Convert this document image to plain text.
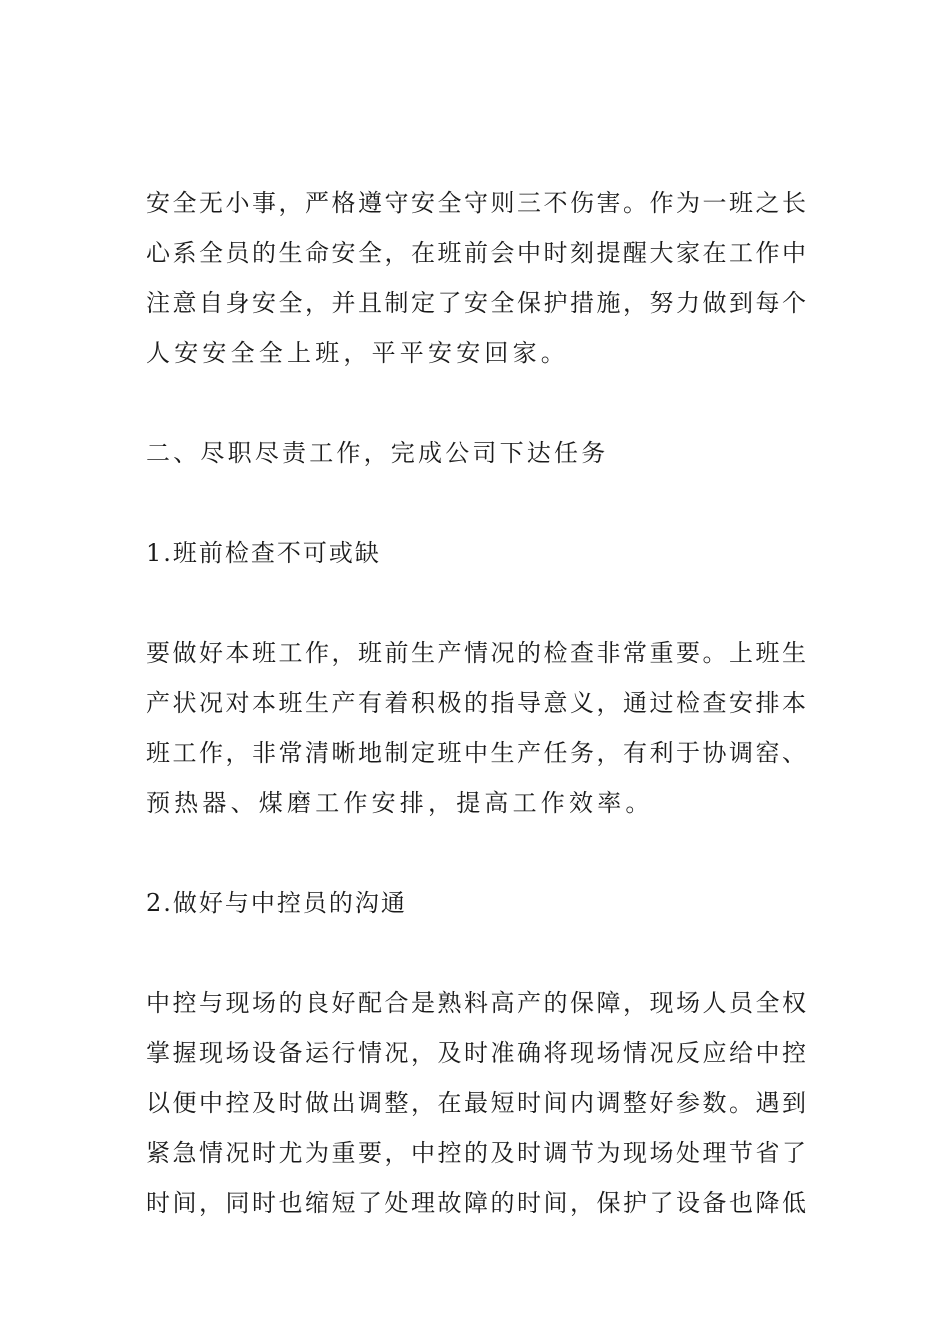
安全无小事，严格遵守安全守则三不伤害。作为一班之长

心系全员的生命安全，在班前会中时刻提醒大家在工作中

注意自身安全，并且制定了安全保护措施，努力做到每个

人安安全全上班，平平安安回家。

二、尽职尽责工作，完成公司下达任务

1.班前检查不可或缺

要做好本班工作，班前生产情况的检查非常重要。上班生

产状况对本班生产有着积极的指导意义，通过检查安排本

班工作，非常清晰地制定班中生产任务，有利于协调窑、

预热器、煤磨工作安排，提高工作效率。

2.做好与中控员的沟通

中控与现场的良好配合是熟料高产的保障，现场人员全权

掌握现场设备运行情况，及时准确将现场情况反应给中控

以便中控及时做出调整，在最短时间内调整好参数。遇到

紧急情况时尤为重要，中控的及时调节为现场处理节省了

时间，同时也缩短了处理故障的时间，保护了设备也降低
